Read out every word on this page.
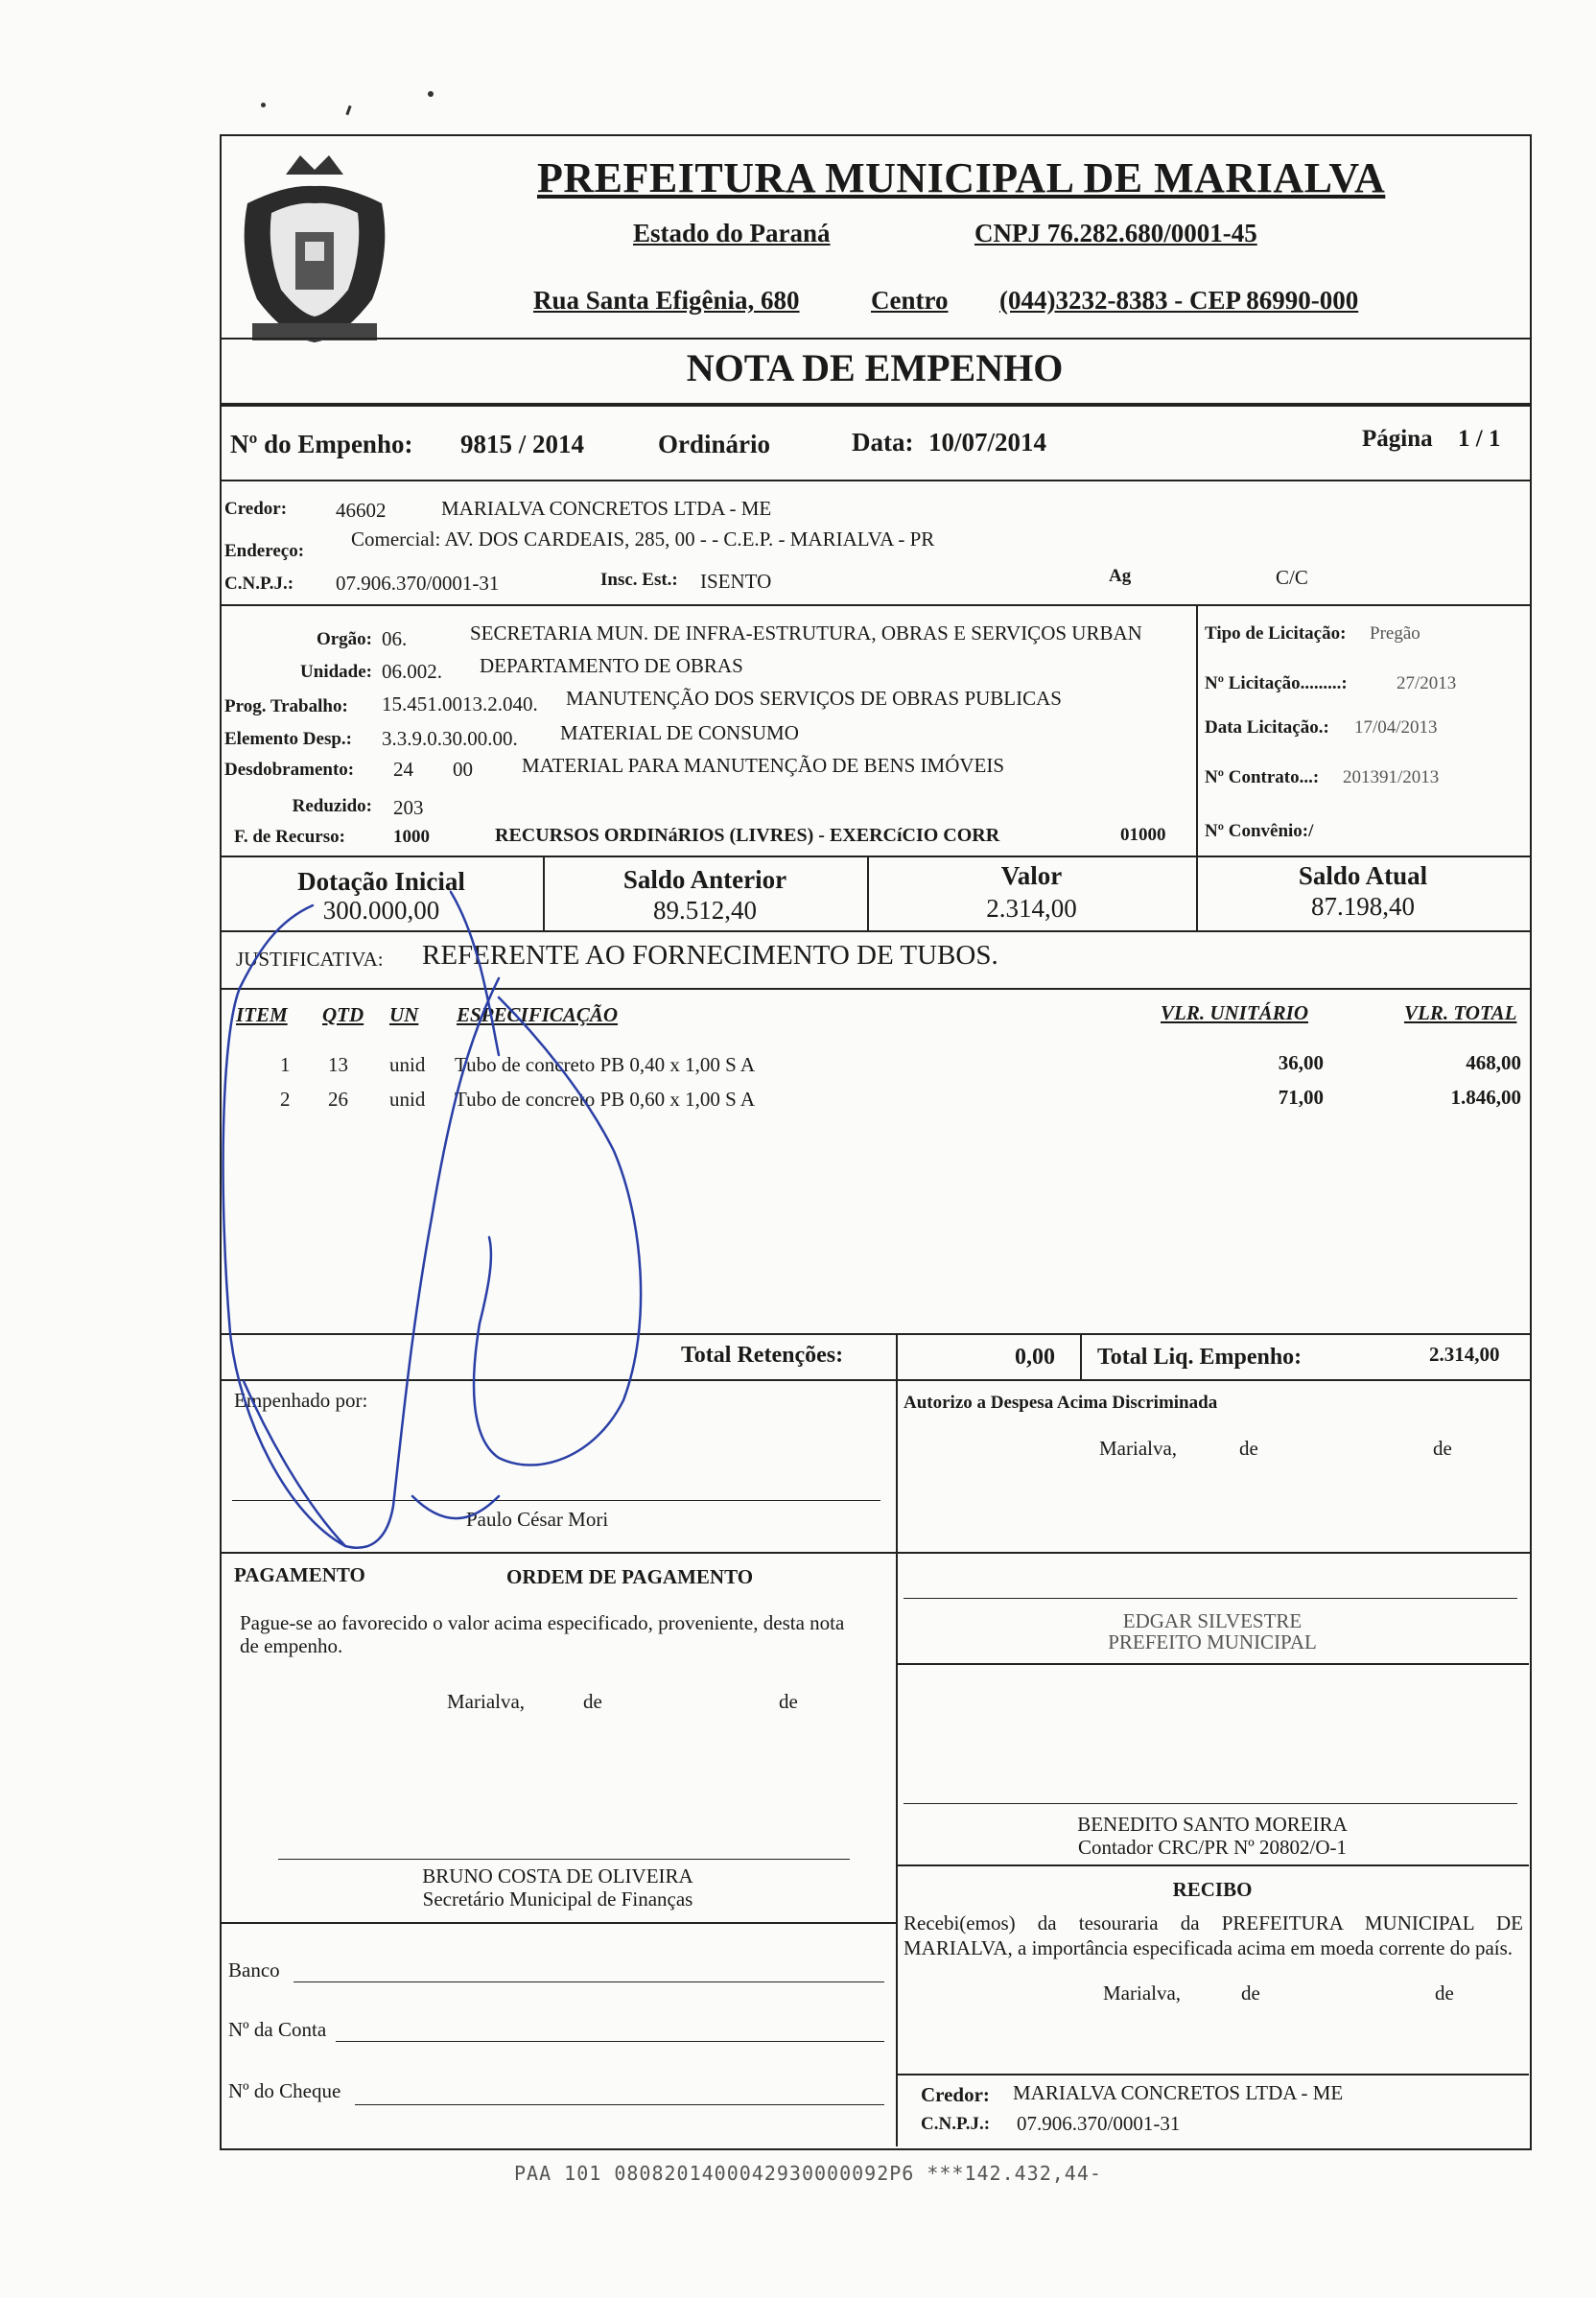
PREFEITURA MUNICIPAL DE MARIALVA
Estado do Paraná	CNPJ 76.282.680/0001-45
Rua Santa Efigênia, 680	Centro (044)3232-8383 - CEP 86990-000
NOTA DE EMPENHO
Nº do Empenho: 9815 / 2014	Ordinário	Data: 10/07/2014	Página 1 / 1
Credor: 46602	MARIALVA CONCRETOS LTDA - ME
Endereço:
Comercial: AV. DOS CARDEAIS, 285, 00 - - C.E.P. - MARIALVA - PR
C.N.P.J.: 07.906.370/0001-31	Insc. Est.: ISENTO	Ag	C/C
Orgão: 06.	SECRETARIA MUN. DE INFRA-ESTRUTURA, OBRAS E SERVIÇOS URBAN
Unidade: 06.002. DEPARTAMENTO DE OBRAS
Prog. Trabalho: 15.451.0013.2.040. MANUTENÇÃO DOS SERVIÇOS DE OBRAS PUBLICAS
Elemento Desp.: 3.3.9.0.30.00.00. MATERIAL DE CONSUMO
Desdobramento: 24 00 MATERIAL PARA MANUTENÇÃO DE BENS IMÓVEIS
Reduzido: 203
F. de Recurso:	1000	RECURSOS ORDINáRIOS (LIVRES) - EXERCíCIO CORR	01000
Tipo de Licitação: Pregão
Nº Licitação.........:	27/2013
Data Licitação.: 17/04/2013
Nº Contrato...: 201391/2013
Nº Convênio:/
Dotação Inicial
300.000,00
Saldo Anterior
89.512,40
Valor
2.314,00
Saldo Atual
87.198,40
JUSTIFICATIVA: REFERENTE AO FORNECIMENTO DE TUBOS.
ITEM QTD UN ESPECIFICAÇÃO	VLR. UNITÁRIO	VLR. TOTAL
1 13 unid Tubo de concreto PB 0,40 x 1,00 S A	36,00	468,00
2 26 unid Tubo de concreto PB 0,60 x 1,00 S A	71,00	1.846,00
Total Retenções:	0,00 Total Liq. Empenho:	2.314,00
Empenhado por:
Paulo César Mori
Autorizo a Despesa Acima Discriminada
Marialva,	de	de
PAGAMENTO	ORDEM DE PAGAMENTO
Pague-se ao favorecido o valor acima especificado, proveniente, desta nota de empenho.
Marialva,	de	de
EDGAR SILVESTRE
PREFEITO MUNICIPAL
BENEDITO SANTO MOREIRA
Contador CRC/PR Nº 20802/O-1
BRUNO COSTA DE OLIVEIRA
Secretário Municipal de Finanças	RECIBO
Recebi(emos) da tesouraria da PREFEITURA MUNICIPAL DE MARIALVA, a importância especificada acima em moeda corrente do país.
Marialva,	de	de
Banco
Nº da Conta
Nº do Cheque	Credor: MARIALVA CONCRETOS LTDA - ME
C.N.P.J.: 07.906.370/0001-31
PAA 101 0808201400042930000092P6 ***142.432,44-
